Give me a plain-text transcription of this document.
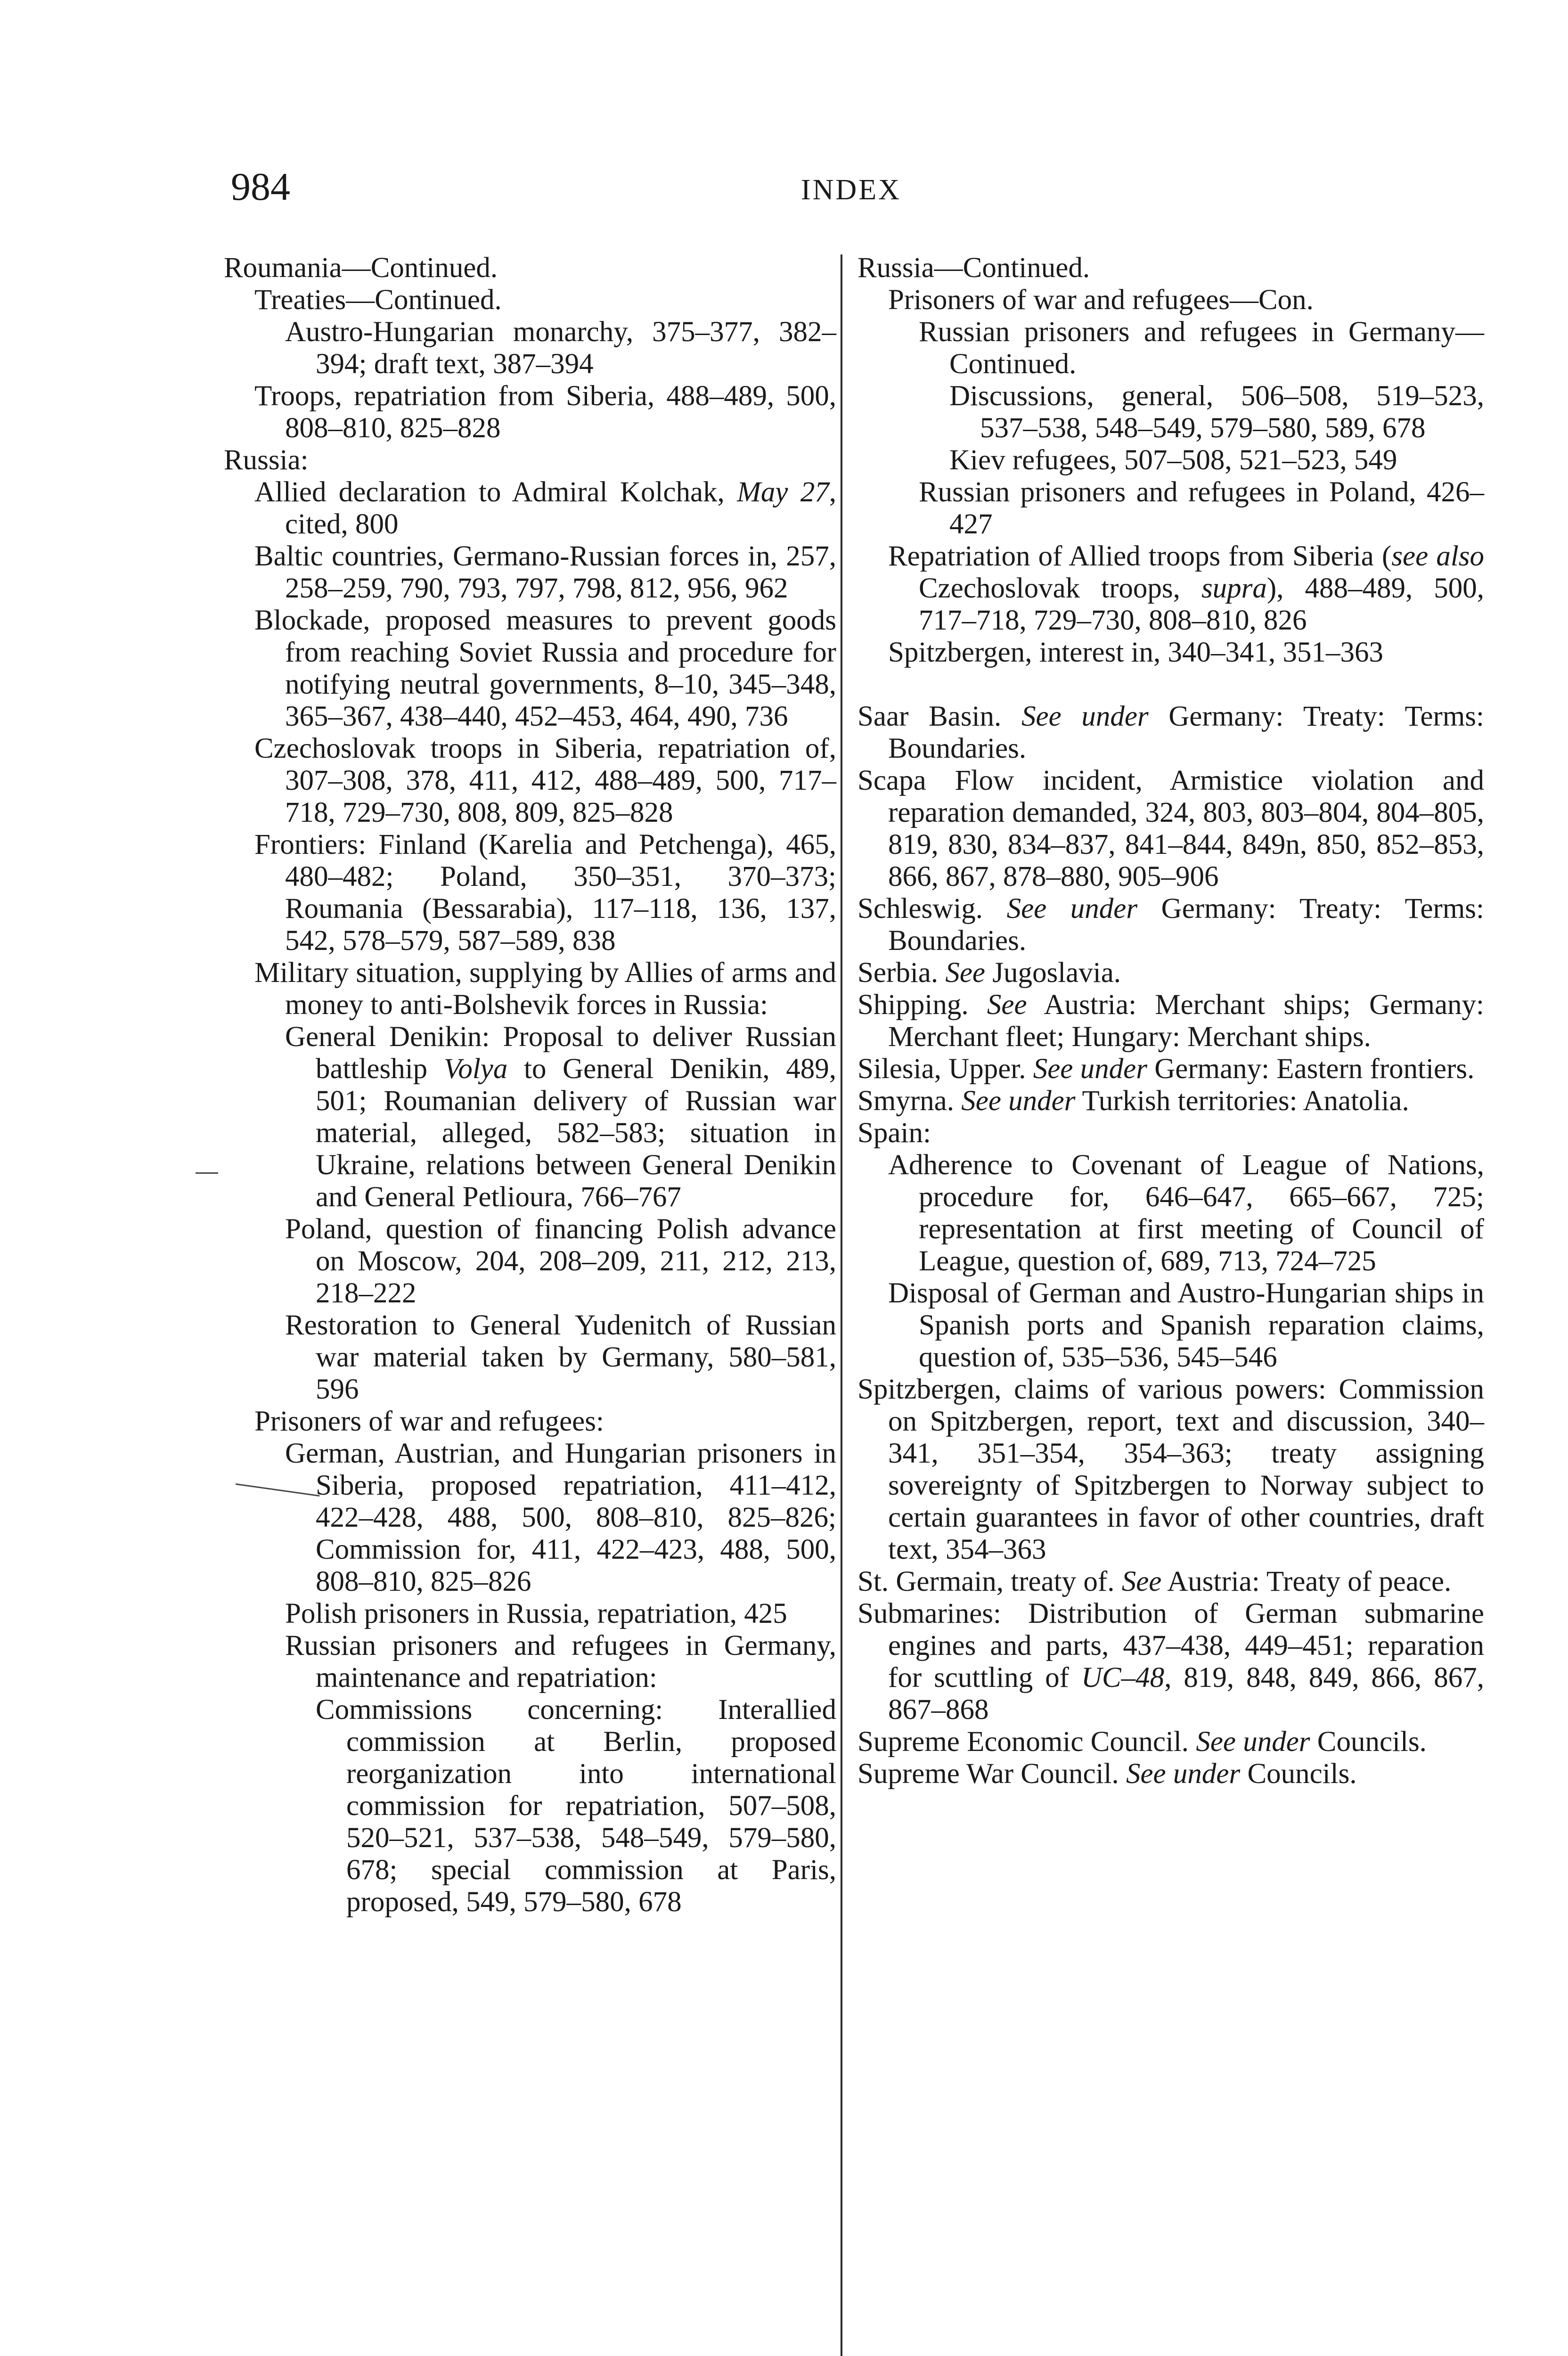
984	INDEX
Roumania—Continued.
Treaties—Continued.
Austro-Hungarian monarchy, 375–377, 382–394; draft text, 387–394
Troops, repatriation from Siberia, 488–489, 500, 808–810, 825–828
Russia:
Allied declaration to Admiral Kolchak, May 27, cited, 800
Baltic countries, Germano-Russian forces in, 257, 258–259, 790, 793, 797, 798, 812, 956, 962
Blockade, proposed measures to prevent goods from reaching Soviet Russia and procedure for notifying neutral governments, 8–10, 345–348, 365–367, 438–440, 452–453, 464, 490, 736
Czechoslovak troops in Siberia, repatriation of, 307–308, 378, 411, 412, 488–489, 500, 717–718, 729–730, 808, 809, 825–828
Frontiers: Finland (Karelia and Petchenga), 465, 480–482; Poland, 350–351, 370–373; Roumania (Bessarabia), 117–118, 136, 137, 542, 578–579, 587–589, 838
Military situation, supplying by Allies of arms and money to anti-Bolshevik forces in Russia:
General Denikin: Proposal to deliver Russian battleship Volya to General Denikin, 489, 501; Roumanian delivery of Russian war material, alleged, 582–583; situation in Ukraine, relations between General Denikin and General Petlioura, 766–767
Poland, question of financing Polish advance on Moscow, 204, 208–209, 211, 212, 213, 218–222
Restoration to General Yudenitch of Russian war material taken by Germany, 580–581, 596
Prisoners of war and refugees:
German, Austrian, and Hungarian prisoners in Siberia, proposed repatriation, 411–412, 422–428, 488, 500, 808–810, 825–826; Commission for, 411, 422–423, 488, 500, 808–810, 825–826
Polish prisoners in Russia, repatriation, 425
Russian prisoners and refugees in Germany, maintenance and repatriation:
Commissions concerning: Interallied commission at Berlin, proposed reorganization into international commission for repatriation, 507–508, 520–521, 537–538, 548–549, 579–580, 678; special commission at Paris, proposed, 549, 579–580, 678
Russia—Continued.
Prisoners of war and refugees—Con.
Russian prisoners and refugees in Germany—Continued.
Discussions, general, 506–508, 519–523, 537–538, 548–549, 579–580, 589, 678
Kiev refugees, 507–508, 521–523, 549
Russian prisoners and refugees in Poland, 426–427
Repatriation of Allied troops from Siberia (see also Czechoslovak troops, supra), 488–489, 500, 717–718, 729–730, 808–810, 826
Spitzbergen, interest in, 340–341, 351–363
Saar Basin. See under Germany: Treaty: Terms: Boundaries.
Scapa Flow incident, Armistice violation and reparation demanded, 324, 803, 803–804, 804–805, 819, 830, 834–837, 841–844, 849n, 850, 852–853, 866, 867, 878–880, 905–906
Schleswig. See under Germany: Treaty: Terms: Boundaries.
Serbia. See Jugoslavia.
Shipping. See Austria: Merchant ships; Germany: Merchant fleet; Hungary: Merchant ships.
Silesia, Upper. See under Germany: Eastern frontiers.
Smyrna. See under Turkish territories: Anatolia.
Spain:
Adherence to Covenant of League of Nations, procedure for, 646–647, 665–667, 725; representation at first meeting of Council of League, question of, 689, 713, 724–725
Disposal of German and Austro-Hungarian ships in Spanish ports and Spanish reparation claims, question of, 535–536, 545–546
Spitzbergen, claims of various powers: Commission on Spitzbergen, report, text and discussion, 340–341, 351–354, 354–363; treaty assigning sovereignty of Spitzbergen to Norway subject to certain guarantees in favor of other countries, draft text, 354–363
St. Germain, treaty of. See Austria: Treaty of peace.
Submarines: Distribution of German submarine engines and parts, 437–438, 449–451; reparation for scuttling of UC–48, 819, 848, 849, 866, 867, 867–868
Supreme Economic Council. See under Councils.
Supreme War Council. See under Councils.
